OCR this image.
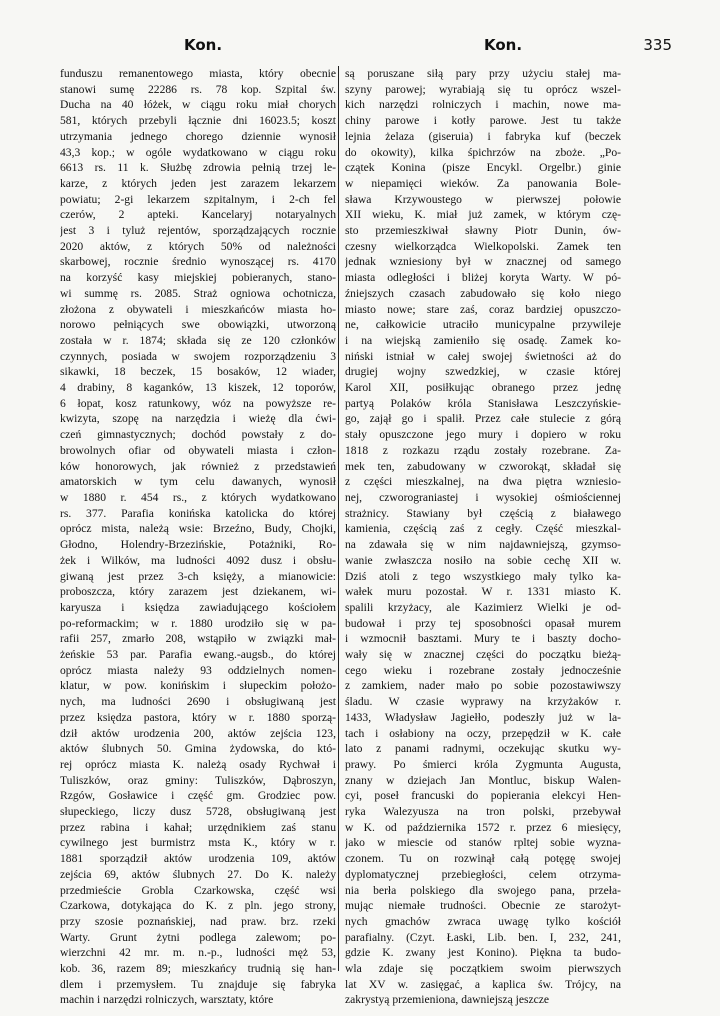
Kon.	Kon.	335
funduszu remanentowego miasta, który obecnie
stanowi sumę 22286 rs. 78 kop. Szpital św.
Ducha na 40 łóżek, w ciągu roku miał chorych
581, których przebyli łącznie dni 16023.5; koszt
utrzymania jednego chorego dziennie wynosił
43,3 kop.; w ogóle wydatkowano w ciągu roku
6613 rs. 11 k. Służbę zdrowia pełnią trzej le-
karze, z których jeden jest zarazem lekarzem
powiatu; 2-gi lekarzem szpitalnym, i 2-ch fel
czerów, 2 apteki. Kancelaryj notaryalnych
jest 3 i tyluż rejentów, sporządzających rocznie
2020 aktów, z których 50% od należności
skarbowej, rocznie średnio wynoszącej rs. 4170
na korzyść kasy miejskiej pobieranych, stano-
wi summę rs. 2085. Straż ogniowa ochotnicza,
złożona z obywateli i mieszkańców miasta ho-
norowo pełniących swe obowiązki, utworzoną
została w r. 1874; składa się ze 120 członków
czynnych, posiada w swojem rozporządzeniu 3
sikawki, 18 beczek, 15 bosaków, 12 wiader,
4 drabiny, 8 kaganków, 13 kiszek, 12 toporów,
6 łopat, kosz ratunkowy, wóz na powyższe re-
kwizyta, szopę na narzędzia i wieżę dla ćwi-
czeń gimnastycznych; dochód powstały z do-
browolnych ofiar od obywateli miasta i człon-
ków honorowych, jak również z przedstawień
amatorskich w tym celu dawanych, wynosił
w 1880 r. 454 rs., z których wydatkowano
rs. 377. Parafia konińska katolicka do której
oprócz mista, należą wsie: Brzeźno, Budy, Chojki,
Głodno, Holendry-Brzezińskie, Potażniki, Ro-
żek i Wilków, ma ludności 4092 dusz i obsłu-
giwaną jest przez 3-ch księży, a mianowicie:
proboszcza, który zarazem jest dziekanem, wi-
karyusza i księdza zawiadującego kościołem
po-reformackim; w r. 1880 urodziło się w pa-
rafii 257, zmarło 208, wstąpiło w związki mał-
żeńskie 53 par. Parafia ewang.-augsb., do której
oprócz miasta należy 93 oddzielnych nomen-
klatur, w pow. konińskim i słupeckim położo-
nych, ma ludności 2690 i obsługiwaną jest
przez księdza pastora, który w r. 1880 sporzą-
dził aktów urodzenia 200, aktów zejścia 123,
aktów ślubnych 50. Gmina żydowska, do któ-
rej oprócz miasta K. należą osady Rychwał i
Tuliszków, oraz gminy: Tuliszków, Dąbroszyn,
Rzgów, Gosławice i część gm. Grodziec pow.
słupeckiego, liczy dusz 5728, obsługiwaną jest
przez rabina i kahał; urzędnikiem zaś stanu
cywilnego jest burmistrz msta K., który w r.
1881 sporządził aktów urodzenia 109, aktów
zejścia 69, aktów ślubnych 27. Do K. należy
przedmieście Grobla Czarkowska, część wsi
Czarkowa, dotykająca do K. z pln. jego strony,
przy szosie poznańskiej, nad praw. brz. rzeki
Warty. Grunt żytni podlega zalewom; po-
wierzchni 42 mr. m. n.-p., ludności męż 53,
kob. 36, razem 89; mieszkańcy trudnią się han-
dlem i przemysłem. Tu znajduje się fabryka
machin i narzędzi rolniczych, warsztaty, które
są poruszane siłą pary przy użyciu stałej ma-
szyny parowej; wyrabiają się tu oprócz wszel-
kich narzędzi rolniczych i machin, nowe ma-
chiny parowe i kotły parowe. Jest tu także
lejnia żelaza (giseruia) i fabryka kuf (beczek
do okowity), kilka śpichrzów na zboże. „Po-
czątek Konina (pisze Encykl. Orgelbr.) ginie
w niepamięci wieków. Za panowania Bole-
sława Krzywoustego w pierwszej połowie
XII wieku, K. miał już zamek, w którym czę-
sto przemieszkiwał sławny Piotr Dunin, ów-
czesny wielkorządca Wielkopolski. Zamek ten
jednak wzniesiony był w znacznej od samego
miasta odległości i bliżej koryta Warty. W pó-
źniejszych czasach zabudowało się koło niego
miasto nowe; stare zaś, coraz bardziej opuszczo-
ne, całkowicie utraciło municypalne przywileje
i na wiejską zamieniło się osadę. Zamek ko-
niński istniał w całej swojej świetności aż do
drugiej wojny szwedzkiej, w czasie której
Karol XII, posiłkując obranego przez jednę
partyą Polaków króla Stanisława Leszczyńskie-
go, zajął go i spalił. Przez całe stulecie z górą
stały opuszczone jego mury i dopiero w roku
1818 z rozkazu rządu zostały rozebrane. Za-
mek ten, zabudowany w czworokąt, składał się
z części mieszkalnej, na dwa piętra wzniesio-
nej, czworograniastej i wysokiej ośmiościennej
strażnicy. Stawiany był częścią z białawego
kamienia, częścią zaś z cegły. Część mieszkal-
na zdawała się w nim najdawniejszą, gzymso-
wanie zwłaszcza nosiło na sobie cechę XII w.
Dziś atoli z tego wszystkiego mały tylko ka-
wałek muru pozostał. W r. 1331 miasto K.
spalili krzyżacy, ale Kazimierz Wielki je od-
budował i przy tej sposobności opasał murem
i wzmocnił basztami. Mury te i baszty docho-
wały się w znacznej części do początku bieżą-
cego wieku i rozebrane zostały jednocześnie
z zamkiem, nader mało po sobie pozostawiwszy
śladu. W czasie wyprawy na krzyżaków r.
1433, Władysław Jagiełło, podeszły już w la-
tach i osłabiony na oczy, przepędził w K. całe
lato z panami radnymi, oczekując skutku wy-
prawy. Po śmierci króla Zygmunta Augusta,
znany w dziejach Jan Montluc, biskup Walen-
cyi, poseł francuski do popierania elekcyi Hen-
ryka Walezyusza na tron polski, przebywał
w K. od października 1572 r. przez 6 miesięcy,
jako w miescie od stanów rpltej sobie wyzna-
czonem. Tu on rozwinął całą potęgę swojej
dyplomatycznej przebiegłości, celem otrzyma-
nia berła polskiego dla swojego pana, przeła-
mując niemałe trudności. Obecnie ze starożyt-
nych gmachów zwraca uwagę tylko kościół
parafialny. (Czyt. Łaski, Lib. ben. I, 232, 241,
gdzie K. zwany jest Konino). Piękna ta budo-
wla zdaje się początkiem swoim pierwszych
lat XV w. zasięgać, a kaplica św. Trójcy, na
zakrystyą przemieniona, dawniejszą jeszcze
